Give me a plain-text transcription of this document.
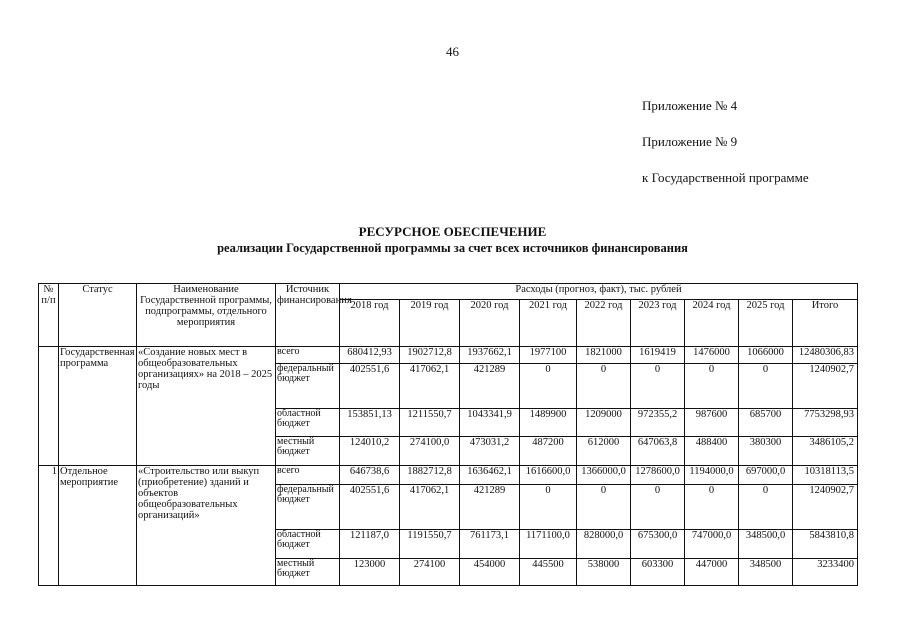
46
Приложение № 4
Приложение № 9
к Государственной программе
РЕСУРСНОЕ ОБЕСПЕЧЕНИЕ
реализации Государственной программы за счет всех источников финансирования
№ п/п	Статус	Наименование Государственной программы, подпрограммы, отдельного мероприятия	Источник финансирования	Расходы (прогноз, факт), тыс. рублей								
				2018 год	2019 год	2020 год	2021 год	2022 год	2023 год	2024 год	2025 год	Итого
	Государственная программа	«Создание новых мест в общеобразовательных организациях» на 2018 – 2025 годы	всего	680412,93	1902712,8	1937662,1	1977100	1821000	1619419	1476000	1066000	12480306,83
			федеральный бюджет	402551,6	417062,1	421289	0	0	0	0	0	1240902,7
			областной бюджет	153851,13	1211550,7	1043341,9	1489900	1209000	972355,2	987600	685700	7753298,93
			местный бюджет	124010,2	274100,0	473031,2	487200	612000	647063,8	488400	380300	3486105,2
1	Отдельное мероприятие	«Строительство или выкуп (приобретение) зданий и объектов общеобразовательных организаций»	всего	646738,6	1882712,8	1636462,1	1616600,0	1366000,0	1278600,0	1194000,0	697000,0	10318113,5
			федеральный бюджет	402551,6	417062,1	421289	0	0	0	0	0	1240902,7
			областной бюджет	121187,0	1191550,7	761173,1	1171100,0	828000,0	675300,0	747000,0	348500,0	5843810,8
			местный бюджет	123000	274100	454000	445500	538000	603300	447000	348500	3233400
